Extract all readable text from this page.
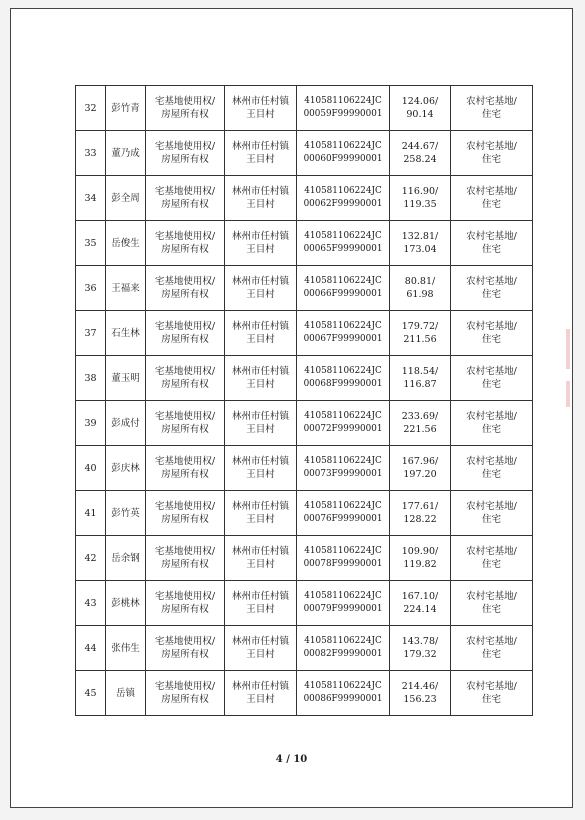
32	彭竹青	宅基地使用权/
房屋所有权	林州市任村镇
王目村	410581106224JC
00059F99990001	124.06/
90.14	农村宅基地/
住宅

33	董乃成	宅基地使用权/
房屋所有权	林州市任村镇
王目村	410581106224JC
00060F99990001	244.67/
258.24	农村宅基地/
住宅

34	彭全周	宅基地使用权/
房屋所有权	林州市任村镇
王目村	410581106224JC
00062F99990001	116.90/
119.35	农村宅基地/
住宅

35	岳俊生	宅基地使用权/
房屋所有权	林州市任村镇
王目村	410581106224JC
00065F99990001	132.81/
173.04	农村宅基地/
住宅

36	王福来	宅基地使用权/
房屋所有权	林州市任村镇
王目村	410581106224JC
00066F99990001	80.81/
61.98	农村宅基地/
住宅

37	石生林	宅基地使用权/
房屋所有权	林州市任村镇
王目村	410581106224JC
00067F99990001	179.72/
211.56	农村宅基地/
住宅

38	董玉明	宅基地使用权/
房屋所有权	林州市任村镇
王目村	410581106224JC
00068F99990001	118.54/
116.87	农村宅基地/
住宅

39	彭成付	宅基地使用权/
房屋所有权	林州市任村镇
王目村	410581106224JC
00072F99990001	233.69/
221.56	农村宅基地/
住宅

40	彭庆林	宅基地使用权/
房屋所有权	林州市任村镇
王目村	410581106224JC
00073F99990001	167.96/
197.20	农村宅基地/
住宅

41	彭竹英	宅基地使用权/
房屋所有权	林州市任村镇
王目村	410581106224JC
00076F99990001	177.61/
128.22	农村宅基地/
住宅

42	岳余钢	宅基地使用权/
房屋所有权	林州市任村镇
王目村	410581106224JC
00078F99990001	109.90/
119.82	农村宅基地/
住宅

43	彭桃林	宅基地使用权/
房屋所有权	林州市任村镇
王目村	410581106224JC
00079F99990001	167.10/
224.14	农村宅基地/
住宅

44	张伟生	宅基地使用权/
房屋所有权	林州市任村镇
王目村	410581106224JC
00082F99990001	143.78/
179.32	农村宅基地/
住宅

45	岳镇	宅基地使用权/
房屋所有权	林州市任村镇
王目村	410581106224JC
00086F99990001	214.46/
156.23	农村宅基地/
住宅
4 / 10
